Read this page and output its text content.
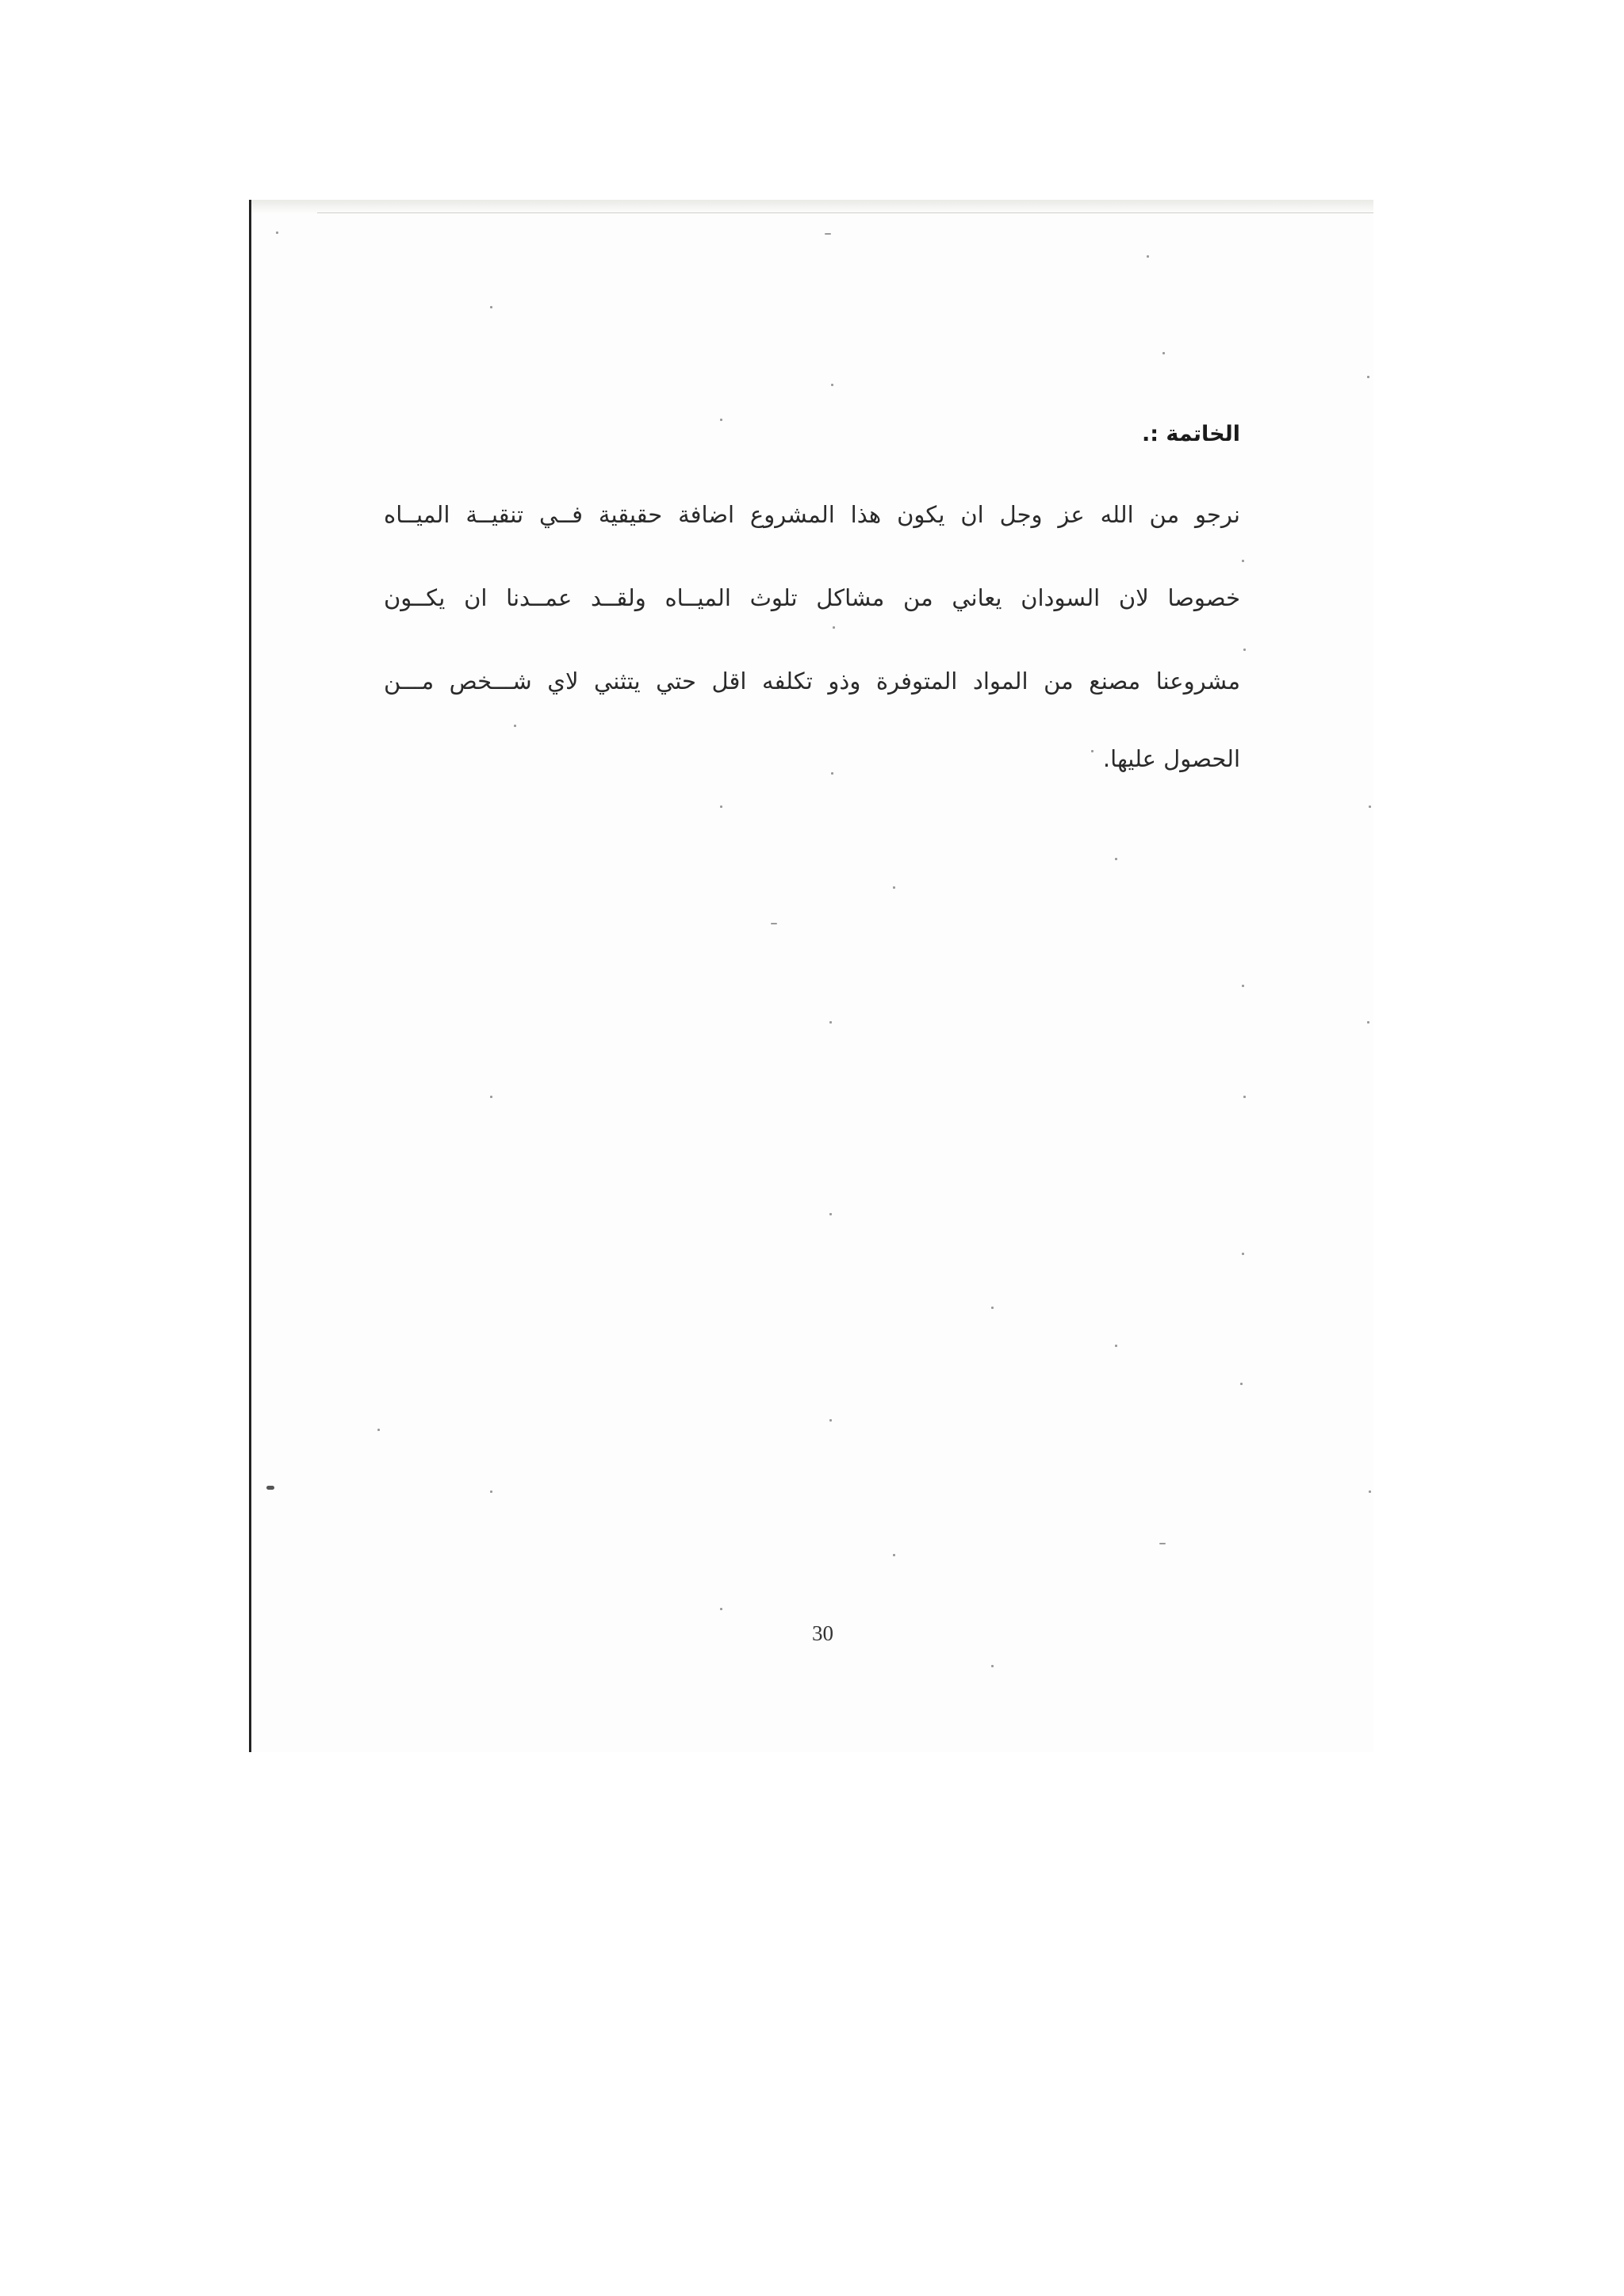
الخاتمة :.

نرجو من الله عز وجل ان يكون هذا المشروع اضافة حقيقية فــي تنقيــة الميــاه

خصوصا لان السودان يعاني من مشاكل تلوث الميــاه ولقــد عمــدنا ان يكــون

مشروعنا مصنع من المواد المتوفرة وذو تكلفه اقل حتي يتثني لاي شـــخص مـــن

الحصول عليها.

30
